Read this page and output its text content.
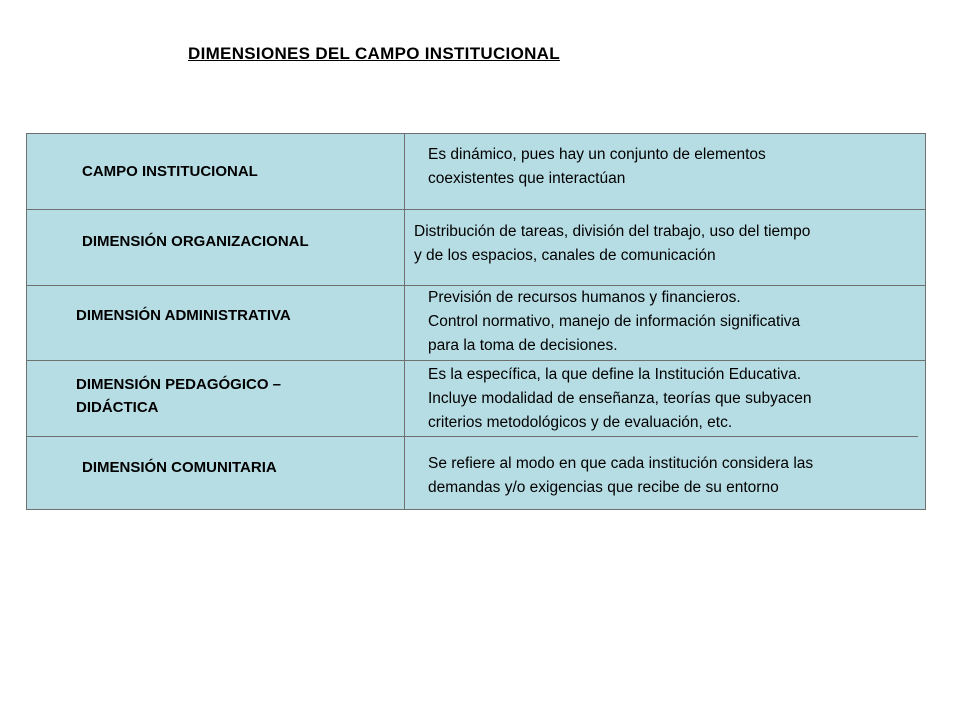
DIMENSIONES DEL CAMPO INSTITUCIONAL
CAMPO INSTITUCIONAL
Es dinámico, pues hay un conjunto de elementos
coexistentes que interactúan
DIMENSIÓN ORGANIZACIONAL
Distribución de tareas, división del trabajo, uso del tiempo
y de los espacios, canales de comunicación
DIMENSIÓN ADMINISTRATIVA
Previsión de recursos humanos y financieros.
Control normativo, manejo de información significativa
para la toma de decisiones.
DIMENSIÓN PEDAGÓGICO –
DIDÁCTICA
Es la específica, la que define la Institución Educativa.
Incluye modalidad de enseñanza, teorías que subyacen
criterios metodológicos y de evaluación, etc.
DIMENSIÓN COMUNITARIA	Se refiere al modo en que cada institución considera las
demandas y/o exigencias que recibe de su entorno
